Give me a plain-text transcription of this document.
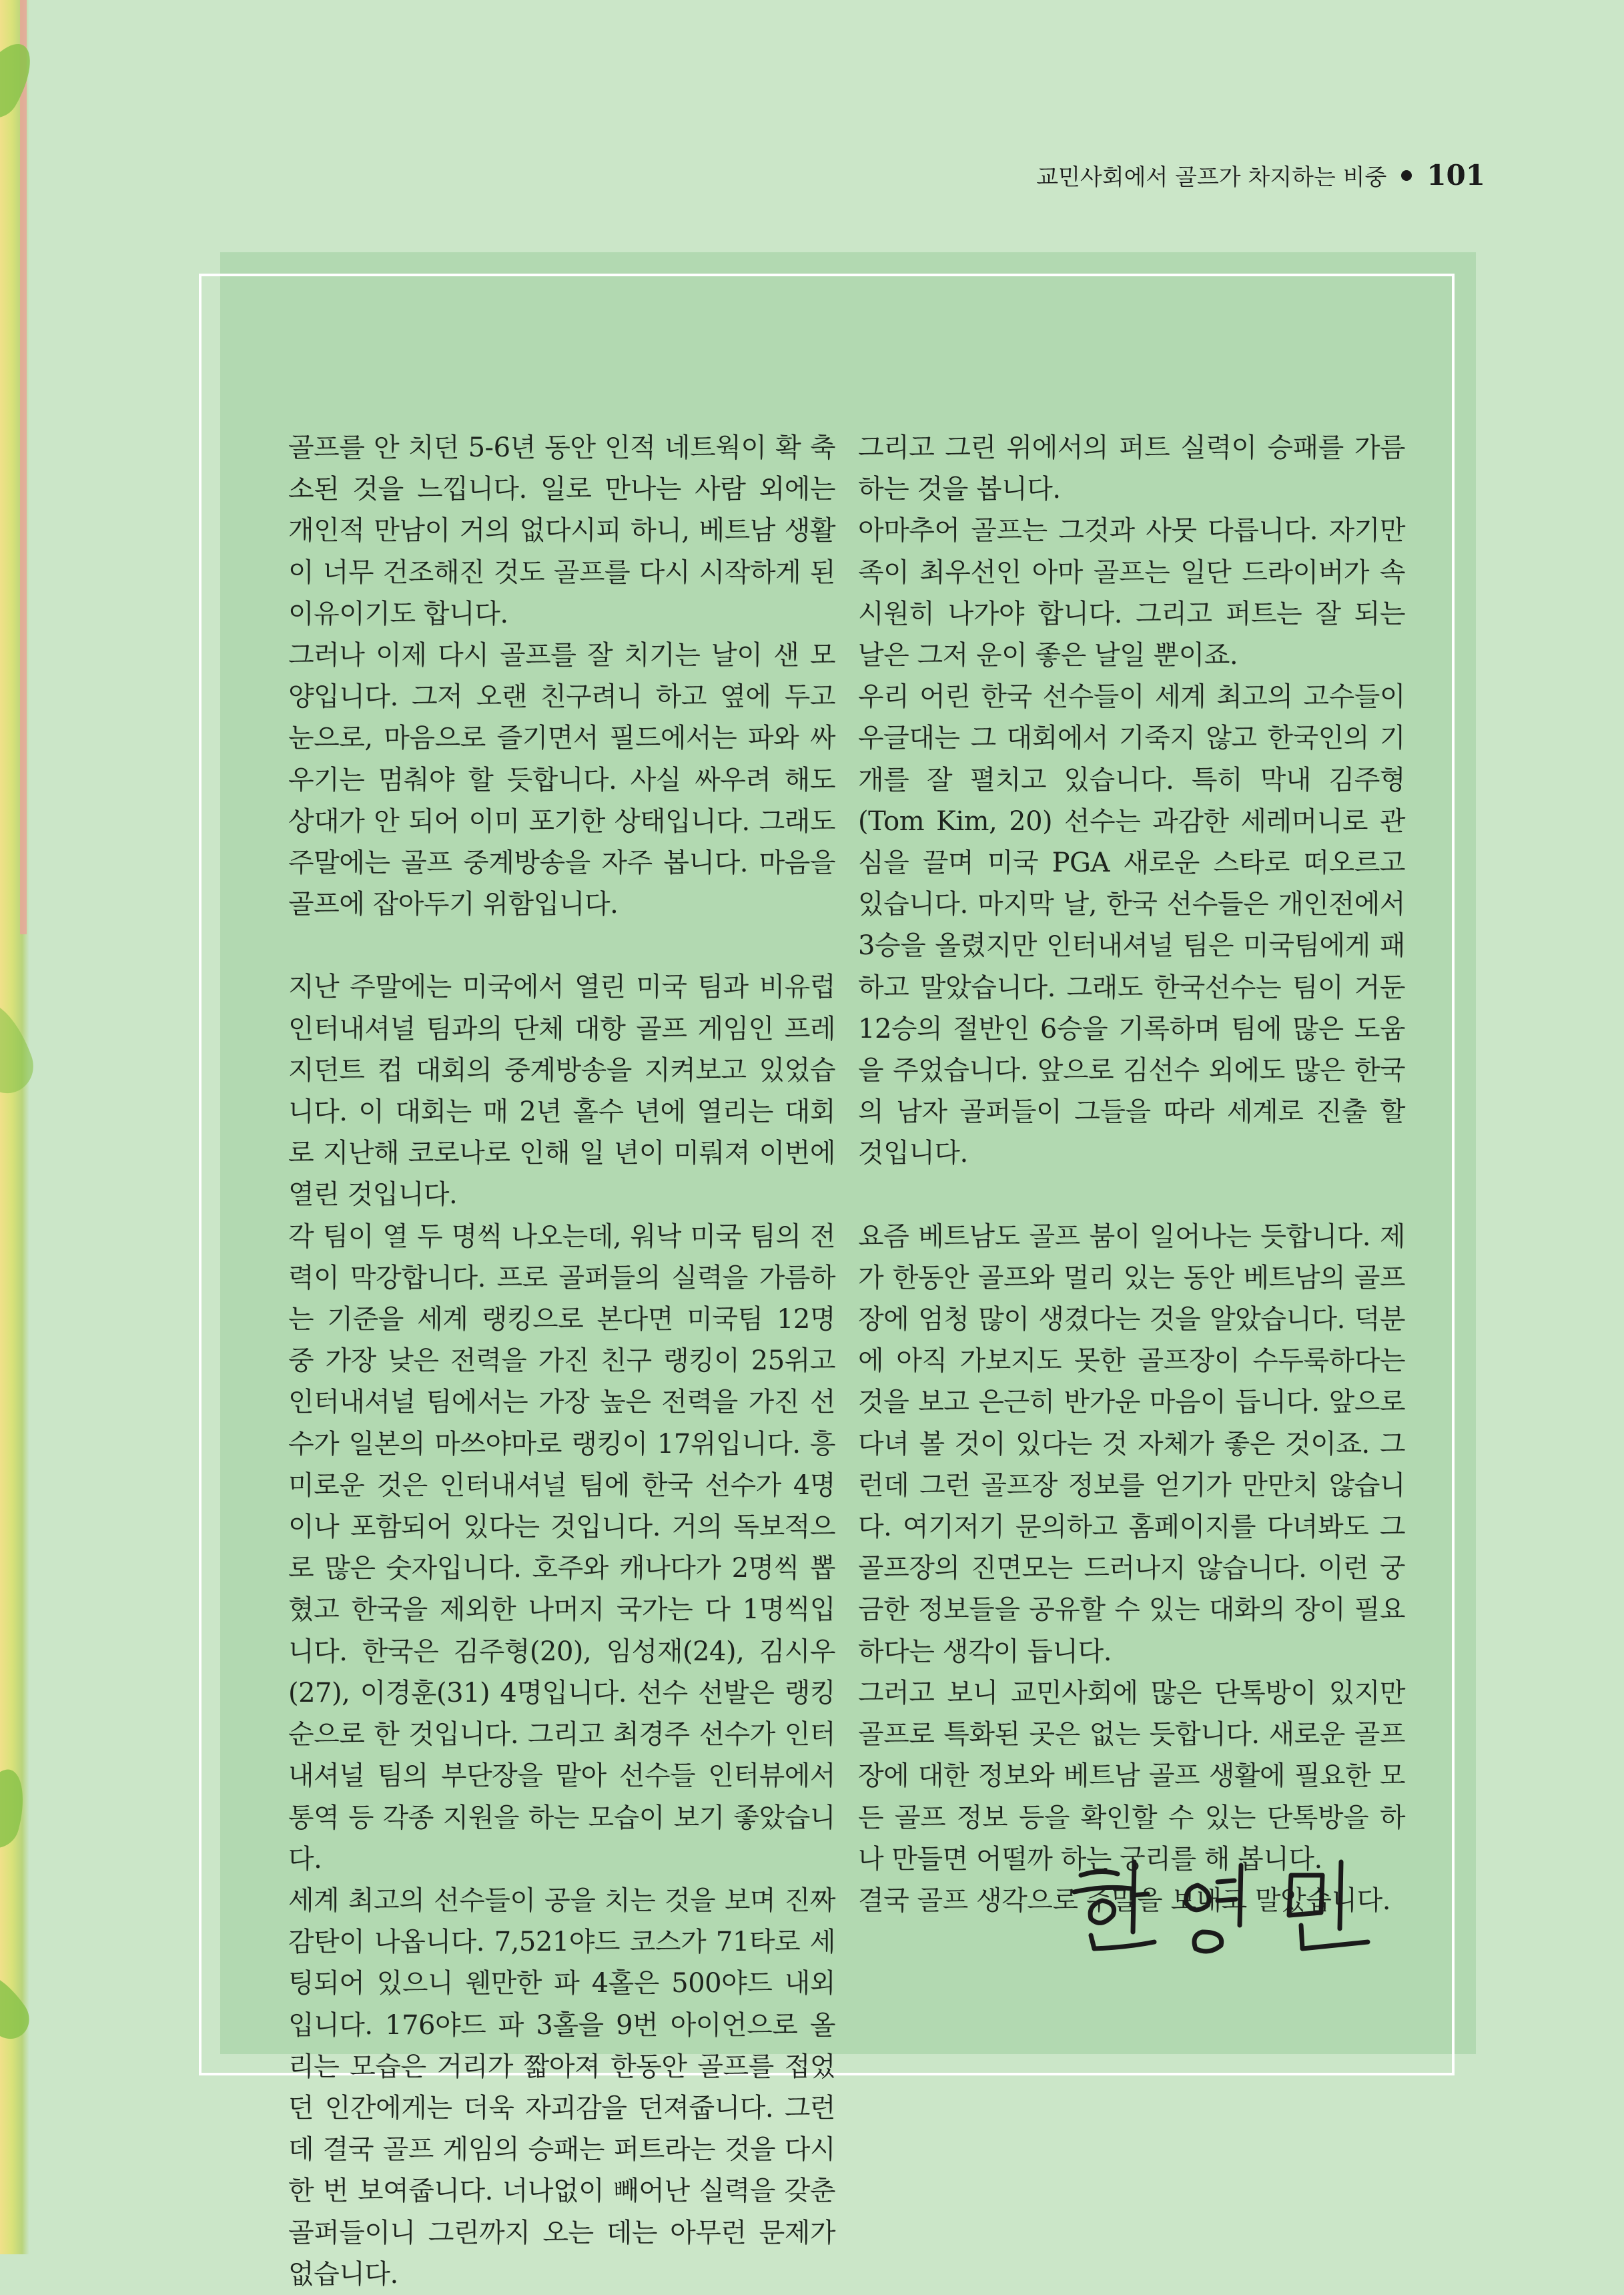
교민사회에서 골프가 차지하는 비중 101

골프를 안 치던 5-6년 동안 인적 네트웍이 확 축소된 것을 느낍니다. 일로 만나는 사람 외에는 개인적 만남이 거의 없다시피 하니, 베트남 생활이 너무 건조해진 것도 골프를 다시 시작하게 된 이유이기도 합니다.

그러나 이제 다시 골프를 잘 치기는 날이 샌 모양입니다. 그저 오랜 친구려니 하고 옆에 두고 눈으로, 마음으로 즐기면서 필드에서는 파와 싸우기는 멈춰야 할 듯합니다. 사실 싸우려 해도 상대가 안 되어 이미 포기한 상태입니다. 그래도 주말에는 골프 중계방송을 자주 봅니다. 마음을 골프에 잡아두기 위함입니다.

지난 주말에는 미국에서 열린 미국 팀과 비유럽 인터내셔널 팀과의 단체 대항 골프 게임인 프레지던트 컵 대회의 중계방송을 지켜보고 있었습니다. 이 대회는 매 2년 홀수 년에 열리는 대회로 지난해 코로나로 인해 일 년이 미뤄져 이번에 열린 것입니다.

각 팀이 열 두 명씩 나오는데, 워낙 미국 팀의 전력이 막강합니다. 프로 골퍼들의 실력을 가름하는 기준을 세계 랭킹으로 본다면 미국팀 12명 중 가장 낮은 전력을 가진 친구 랭킹이 25위고 인터내셔널 팀에서는 가장 높은 전력을 가진 선수가 일본의 마쓰야마로 랭킹이 17위입니다. 흥미로운 것은 인터내셔널 팀에 한국 선수가 4명이나 포함되어 있다는 것입니다. 거의 독보적으로 많은 숫자입니다. 호주와 캐나다가 2명씩 뽑혔고 한국을 제외한 나머지 국가는 다 1명씩입니다. 한국은 김주형(20), 임성재(24), 김시우(27), 이경훈(31) 4명입니다. 선수 선발은 랭킹 순으로 한 것입니다. 그리고 최경주 선수가 인터내셔널 팀의 부단장을 맡아 선수들 인터뷰에서 통역 등 각종 지원을 하는 모습이 보기 좋았습니다.

세계 최고의 선수들이 공을 치는 것을 보며 진짜 감탄이 나옵니다. 7,521야드 코스가 71타로 세팅되어 있으니 웬만한 파 4홀은 500야드 내외입니다. 176야드 파 3홀을 9번 아이언으로 올리는 모습은 거리가 짧아져 한동안 골프를 접었던 인간에게는 더욱 자괴감을 던져줍니다. 그런데 결국 골프 게임의 승패는 퍼트라는 것을 다시 한 번 보여줍니다. 너나없이 빼어난 실력을 갖춘 골퍼들이니 그린까지 오는 데는 아무런 문제가 없습니다.

그리고 그린 위에서의 퍼트 실력이 승패를 가름하는 것을 봅니다.

아마추어 골프는 그것과 사뭇 다릅니다. 자기만족이 최우선인 아마 골프는 일단 드라이버가 속 시원히 나가야 합니다. 그리고 퍼트는 잘 되는 날은 그저 운이 좋은 날일 뿐이죠.

우리 어린 한국 선수들이 세계 최고의 고수들이 우글대는 그 대회에서 기죽지 않고 한국인의 기개를 잘 펼치고 있습니다. 특히 막내 김주형(Tom Kim, 20) 선수는 과감한 세레머니로 관심을 끌며 미국 PGA 새로운 스타로 떠오르고 있습니다. 마지막 날, 한국 선수들은 개인전에서 3승을 올렸지만 인터내셔널 팀은 미국팀에게 패하고 말았습니다. 그래도 한국선수는 팀이 거둔 12승의 절반인 6승을 기록하며 팀에 많은 도움을 주었습니다. 앞으로 김선수 외에도 많은 한국의 남자 골퍼들이 그들을 따라 세계로 진출 할 것입니다.

요즘 베트남도 골프 붐이 일어나는 듯합니다. 제가 한동안 골프와 멀리 있는 동안 베트남의 골프장에 엄청 많이 생겼다는 것을 알았습니다. 덕분에 아직 가보지도 못한 골프장이 수두룩하다는 것을 보고 은근히 반가운 마음이 듭니다. 앞으로 다녀 볼 것이 있다는 것 자체가 좋은 것이죠. 그런데 그런 골프장 정보를 얻기가 만만치 않습니다. 여기저기 문의하고 홈페이지를 다녀봐도 그 골프장의 진면모는 드러나지 않습니다. 이런 궁금한 정보들을 공유할 수 있는 대화의 장이 필요하다는 생각이 듭니다.

그러고 보니 교민사회에 많은 단톡방이 있지만 골프로 특화된 곳은 없는 듯합니다. 새로운 골프장에 대한 정보와 베트남 골프 생활에 필요한 모든 골프 정보 등을 확인할 수 있는 단톡방을 하나 만들면 어떨까 하는 궁리를 해 봅니다.

결국 골프 생각으로 주말을 보내고 말았습니다.
